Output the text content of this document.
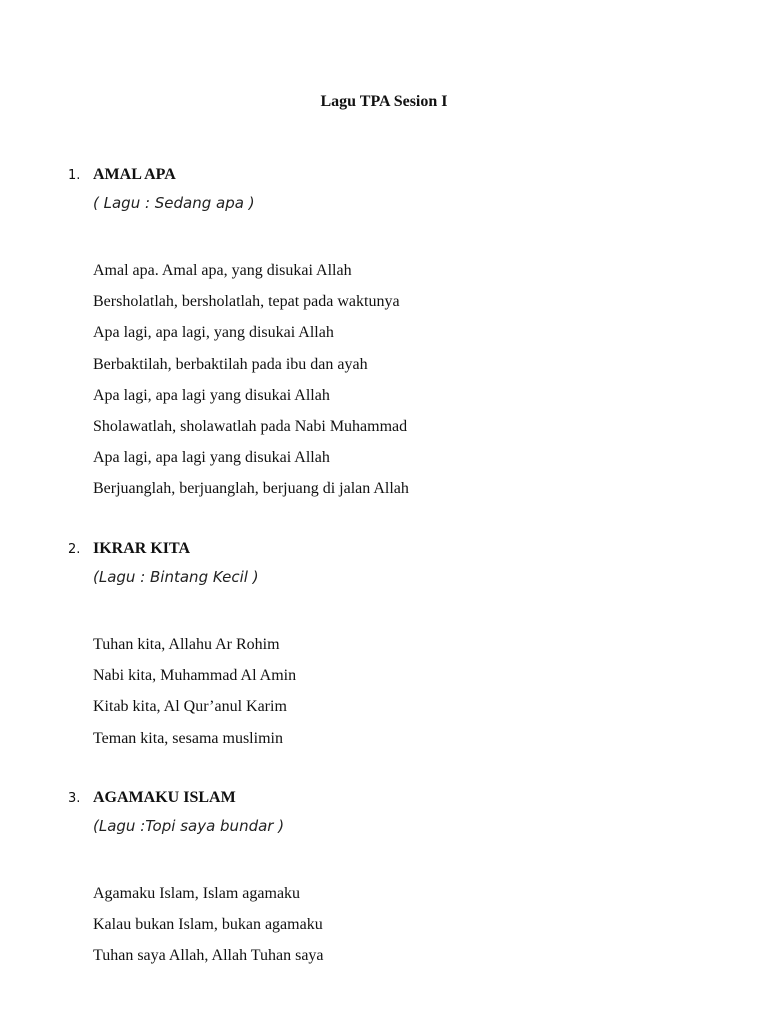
Lagu TPA Sesion I
1. AMAL APA
( Lagu : Sedang apa )
Amal apa. Amal apa, yang disukai Allah
Bersholatlah, bersholatlah, tepat pada waktunya
Apa lagi, apa lagi, yang disukai Allah
Berbaktilah, berbaktilah pada ibu dan ayah
Apa lagi, apa lagi yang disukai Allah
Sholawatlah, sholawatlah pada Nabi Muhammad
Apa lagi, apa lagi yang disukai Allah
Berjuanglah, berjuanglah, berjuang di jalan Allah
2. IKRAR KITA
(Lagu : Bintang Kecil )
Tuhan kita, Allahu Ar Rohim
Nabi kita, Muhammad Al Amin
Kitab kita, Al Qur’anul Karim
Teman kita, sesama muslimin
3. AGAMAKU ISLAM
(Lagu :Topi saya bundar )
Agamaku Islam, Islam agamaku
Kalau bukan Islam, bukan agamaku
Tuhan saya Allah, Allah Tuhan saya
